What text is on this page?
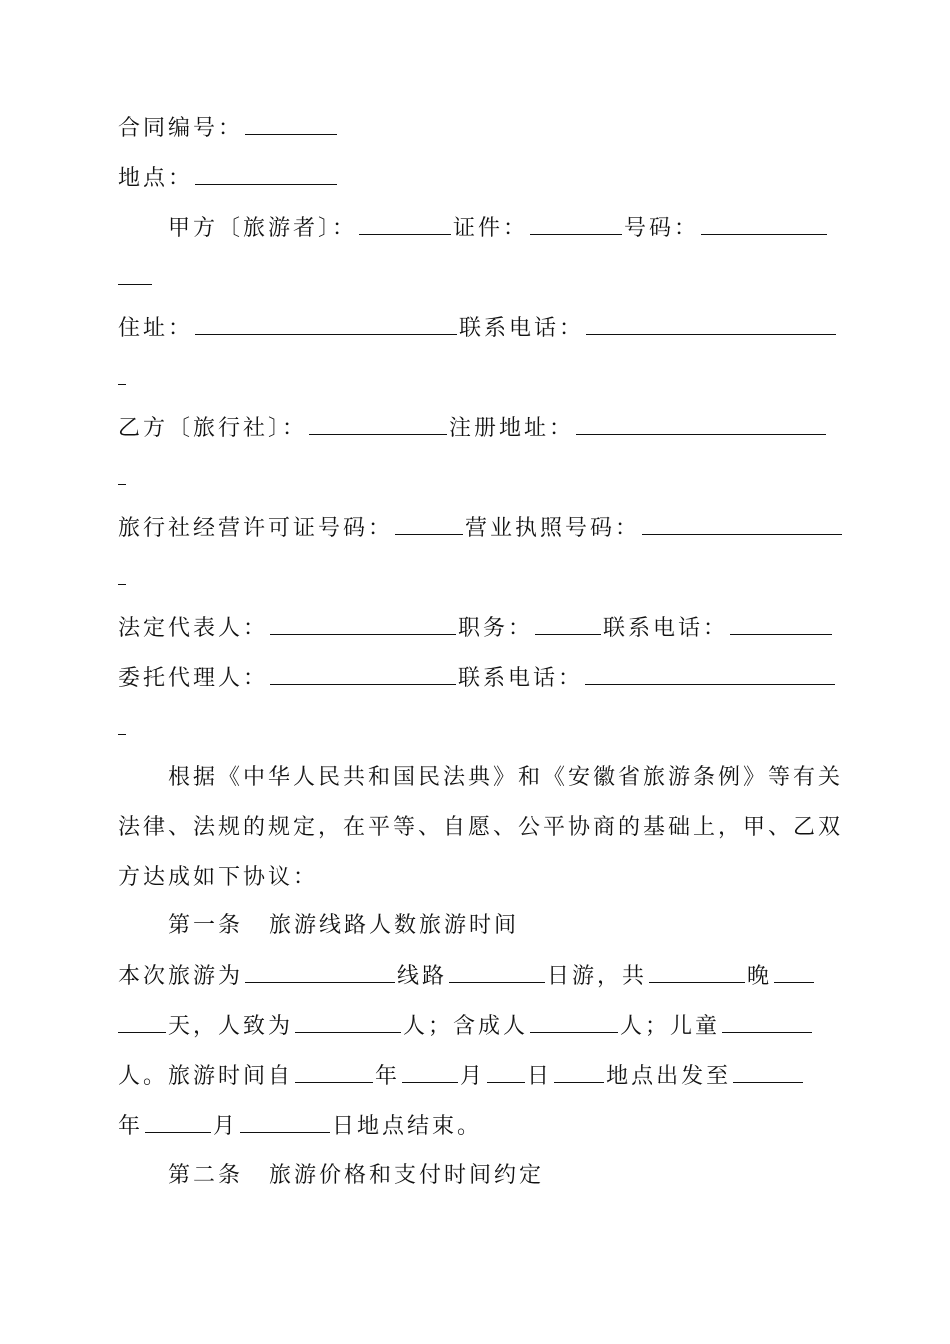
合同编号：
地点：
甲方〔旅游者〕：	证件：	号码：
住址：	联系电话：
乙方〔旅行社〕：	注册地址：
旅行社经营许可证号码：	营业执照号码：
法定代表人：	职务：	联系电话：
委托代理人：	联系电话：
根据《中华人民共和国民法典》和《安徽省旅游条例》等有关
法律、法规的规定，在平等、自愿、公平协商的基础上，甲、乙双
方达成如下协议：
第一条 旅游线路人数旅游时间
本次旅游为	线路	日游，共	晚
天，人致为	人；含成人	人；儿童
人。旅游时间自	年	月 日 地点出发至
年	月	日地点结束。
第二条 旅游价格和支付时间约定
